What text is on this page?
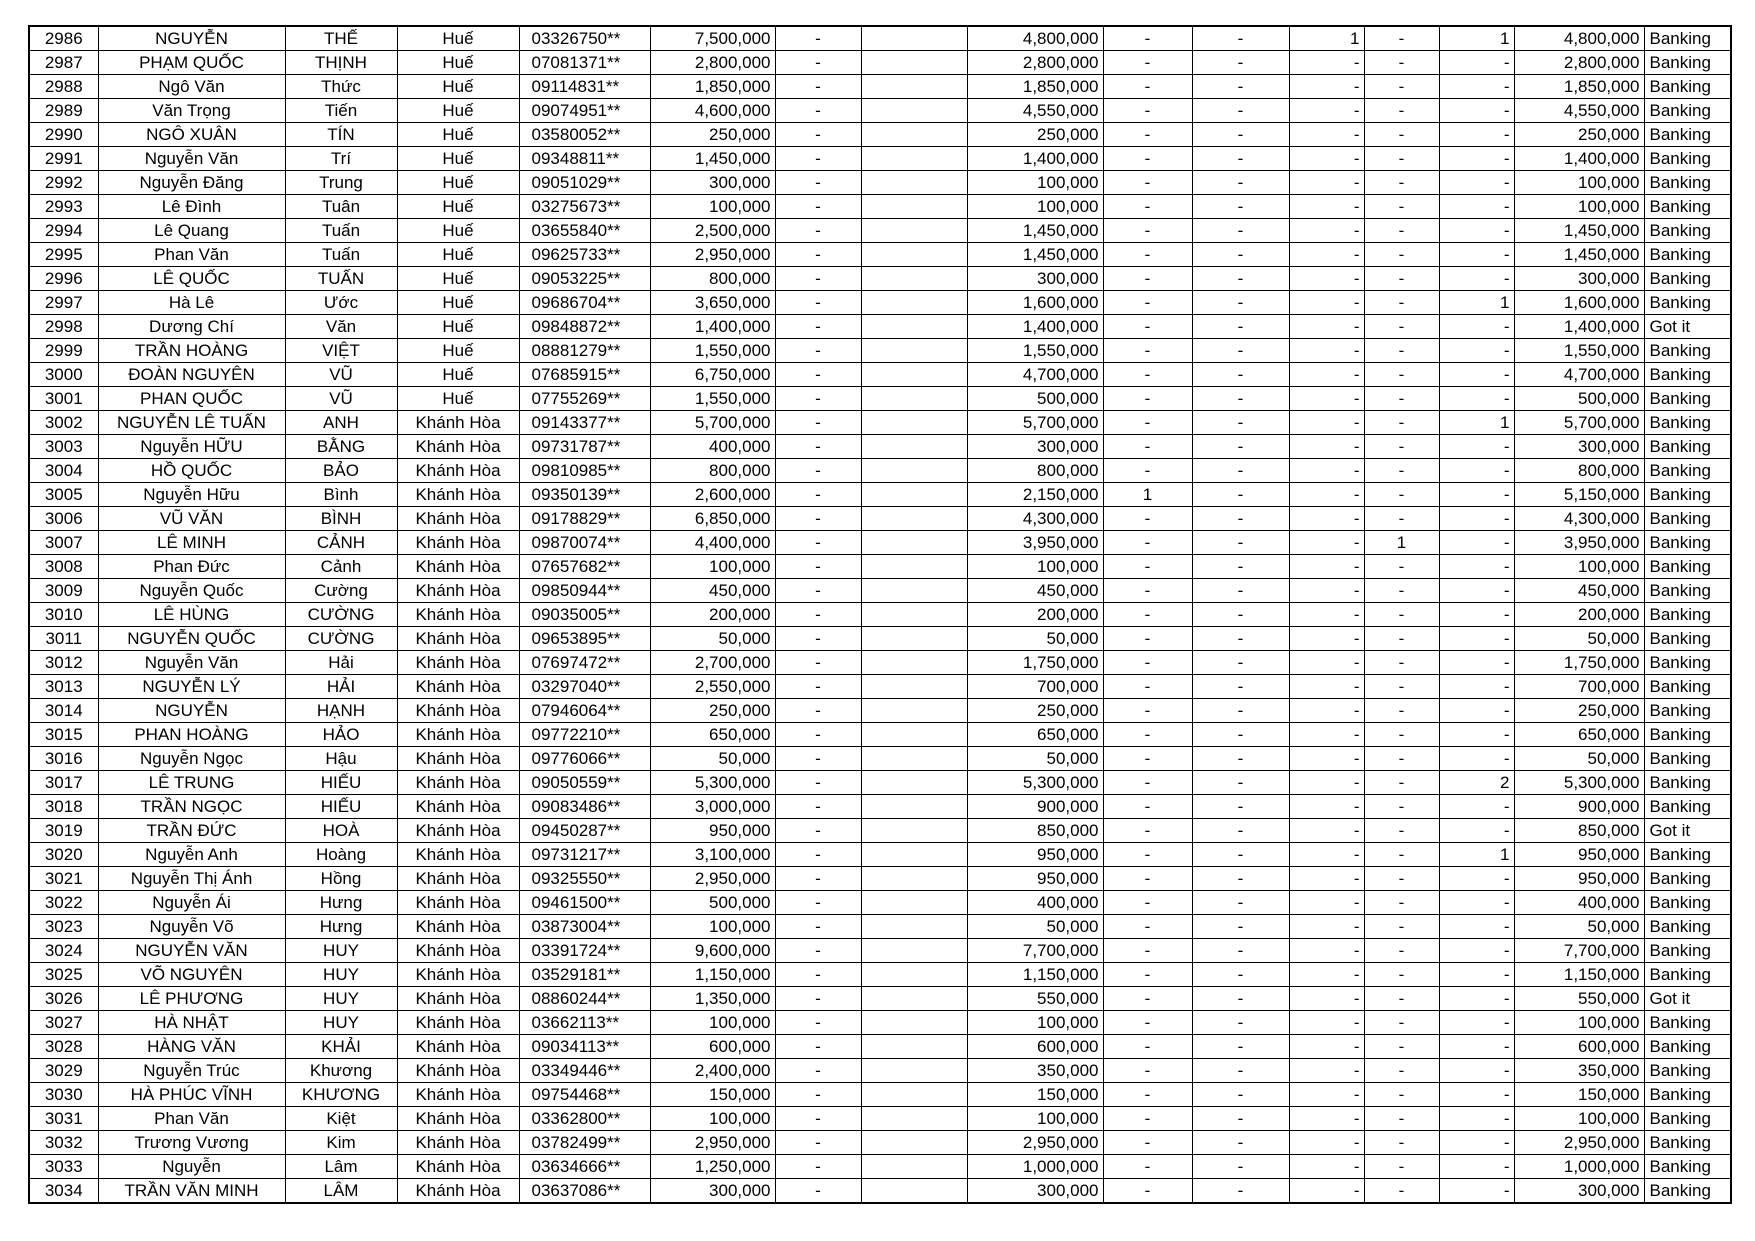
2986	NGUYỄN	THẾ	Huế	03326750**	7,500,000	-		4,800,000	-	-	1	-	1	4,800,000	Banking
2987	PHẠM QUỐC	THỊNH	Huế	07081371**	2,800,000	-		2,800,000	-	-	-	-	-	2,800,000	Banking
2988	Ngô Văn	Thức	Huế	09114831**	1,850,000	-		1,850,000	-	-	-	-	-	1,850,000	Banking
2989	Văn Trọng	Tiến	Huế	09074951**	4,600,000	-		4,550,000	-	-	-	-	-	4,550,000	Banking
2990	NGÔ XUÂN	TÍN	Huế	03580052**	250,000	-		250,000	-	-	-	-	-	250,000	Banking
2991	Nguyễn Văn	Trí	Huế	09348811**	1,450,000	-		1,400,000	-	-	-	-	-	1,400,000	Banking
2992	Nguyễn Đăng	Trung	Huế	09051029**	300,000	-		100,000	-	-	-	-	-	100,000	Banking
2993	Lê Đình	Tuân	Huế	03275673**	100,000	-		100,000	-	-	-	-	-	100,000	Banking
2994	Lê Quang	Tuấn	Huế	03655840**	2,500,000	-		1,450,000	-	-	-	-	-	1,450,000	Banking
2995	Phan Văn	Tuấn	Huế	09625733**	2,950,000	-		1,450,000	-	-	-	-	-	1,450,000	Banking
2996	LÊ QUỐC	TUẤN	Huế	09053225**	800,000	-		300,000	-	-	-	-	-	300,000	Banking
2997	Hà Lê	Ước	Huế	09686704**	3,650,000	-		1,600,000	-	-	-	-	1	1,600,000	Banking
2998	Dương Chí	Văn	Huế	09848872**	1,400,000	-		1,400,000	-	-	-	-	-	1,400,000	Got it
2999	TRẦN HOÀNG	VIỆT	Huế	08881279**	1,550,000	-		1,550,000	-	-	-	-	-	1,550,000	Banking
3000	ĐOÀN NGUYÊN	VŨ	Huế	07685915**	6,750,000	-		4,700,000	-	-	-	-	-	4,700,000	Banking
3001	PHAN QUỐC	VŨ	Huế	07755269**	1,550,000	-		500,000	-	-	-	-	-	500,000	Banking
3002	NGUYỄN LÊ TUẤN	ANH	Khánh Hòa	09143377**	5,700,000	-		5,700,000	-	-	-	-	1	5,700,000	Banking
3003	Nguyễn HỮU	BẰNG	Khánh Hòa	09731787**	400,000	-		300,000	-	-	-	-	-	300,000	Banking
3004	HỒ QUỐC	BẢO	Khánh Hòa	09810985**	800,000	-		800,000	-	-	-	-	-	800,000	Banking
3005	Nguyễn Hữu	Bình	Khánh Hòa	09350139**	2,600,000	-		2,150,000	1	-	-	-	-	5,150,000	Banking
3006	VŨ VĂN	BÌNH	Khánh Hòa	09178829**	6,850,000	-		4,300,000	-	-	-	-	-	4,300,000	Banking
3007	LÊ MINH	CẢNH	Khánh Hòa	09870074**	4,400,000	-		3,950,000	-	-	-	1	-	3,950,000	Banking
3008	Phan Đức	Cảnh	Khánh Hòa	07657682**	100,000	-		100,000	-	-	-	-	-	100,000	Banking
3009	Nguyễn Quốc	Cường	Khánh Hòa	09850944**	450,000	-		450,000	-	-	-	-	-	450,000	Banking
3010	LÊ HÙNG	CƯỜNG	Khánh Hòa	09035005**	200,000	-		200,000	-	-	-	-	-	200,000	Banking
3011	NGUYỄN QUỐC	CƯỜNG	Khánh Hòa	09653895**	50,000	-		50,000	-	-	-	-	-	50,000	Banking
3012	Nguyễn Văn	Hải	Khánh Hòa	07697472**	2,700,000	-		1,750,000	-	-	-	-	-	1,750,000	Banking
3013	NGUYỄN LÝ	HẢI	Khánh Hòa	03297040**	2,550,000	-		700,000	-	-	-	-	-	700,000	Banking
3014	NGUYỄN	HẠNH	Khánh Hòa	07946064**	250,000	-		250,000	-	-	-	-	-	250,000	Banking
3015	PHAN HOÀNG	HẢO	Khánh Hòa	09772210**	650,000	-		650,000	-	-	-	-	-	650,000	Banking
3016	Nguyễn Ngọc	Hậu	Khánh Hòa	09776066**	50,000	-		50,000	-	-	-	-	-	50,000	Banking
3017	LÊ TRUNG	HIẾU	Khánh Hòa	09050559**	5,300,000	-		5,300,000	-	-	-	-	2	5,300,000	Banking
3018	TRẦN NGỌC	HIẾU	Khánh Hòa	09083486**	3,000,000	-		900,000	-	-	-	-	-	900,000	Banking
3019	TRẦN ĐỨC	HOÀ	Khánh Hòa	09450287**	950,000	-		850,000	-	-	-	-	-	850,000	Got it
3020	Nguyễn Anh	Hoàng	Khánh Hòa	09731217**	3,100,000	-		950,000	-	-	-	-	1	950,000	Banking
3021	Nguyễn Thị Ánh	Hồng	Khánh Hòa	09325550**	2,950,000	-		950,000	-	-	-	-	-	950,000	Banking
3022	Nguyễn Ái	Hưng	Khánh Hòa	09461500**	500,000	-		400,000	-	-	-	-	-	400,000	Banking
3023	Nguyễn Võ	Hưng	Khánh Hòa	03873004**	100,000	-		50,000	-	-	-	-	-	50,000	Banking
3024	NGUYỄN VĂN	HUY	Khánh Hòa	03391724**	9,600,000	-		7,700,000	-	-	-	-	-	7,700,000	Banking
3025	VÕ NGUYÊN	HUY	Khánh Hòa	03529181**	1,150,000	-		1,150,000	-	-	-	-	-	1,150,000	Banking
3026	LÊ PHƯƠNG	HUY	Khánh Hòa	08860244**	1,350,000	-		550,000	-	-	-	-	-	550,000	Got it
3027	HÀ NHẬT	HUY	Khánh Hòa	03662113**	100,000	-		100,000	-	-	-	-	-	100,000	Banking
3028	HÀNG VĂN	KHẢI	Khánh Hòa	09034113**	600,000	-		600,000	-	-	-	-	-	600,000	Banking
3029	Nguyễn Trúc	Khương	Khánh Hòa	03349446**	2,400,000	-		350,000	-	-	-	-	-	350,000	Banking
3030	HÀ PHÚC VĨNH	KHƯƠNG	Khánh Hòa	09754468**	150,000	-		150,000	-	-	-	-	-	150,000	Banking
3031	Phan Văn	Kiệt	Khánh Hòa	03362800**	100,000	-		100,000	-	-	-	-	-	100,000	Banking
3032	Trương Vương	Kim	Khánh Hòa	03782499**	2,950,000	-		2,950,000	-	-	-	-	-	2,950,000	Banking
3033	Nguyễn	Lâm	Khánh Hòa	03634666**	1,250,000	-		1,000,000	-	-	-	-	-	1,000,000	Banking
3034	TRẦN VĂN MINH	LÂM	Khánh Hòa	03637086**	300,000	-		300,000	-	-	-	-	-	300,000	Banking
